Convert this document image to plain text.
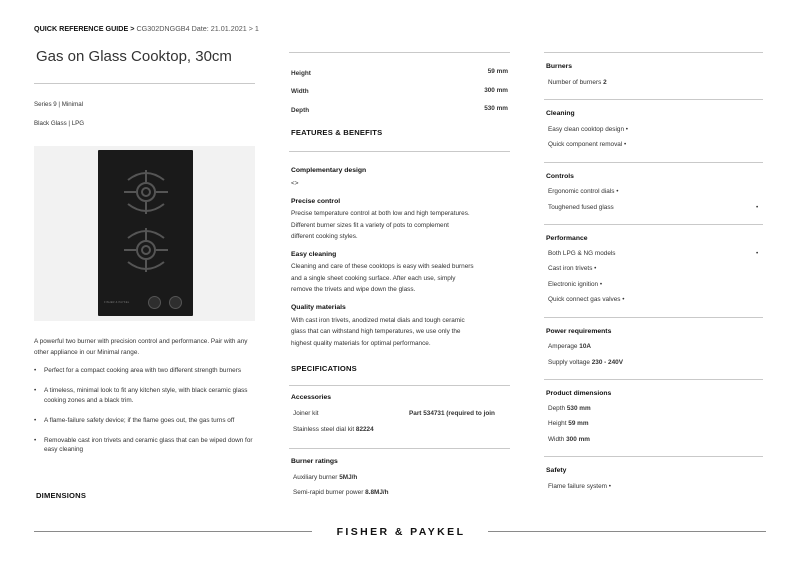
QUICK REFERENCE GUIDE > CG302DNGGB4 Date: 21.01.2021 > 1
Gas on Glass Cooktop, 30cm
Series 9 | Minimal
Black Glass | LPG
FISHER & PAYKEL
A powerful two burner with precision control and performance. Pair with any other appliance in our Minimal range.
• Perfect for a compact cooking area with two different strength burners
• A timeless, minimal look to fit any kitchen style, with black ceramic glass cooking zones and a black trim.
• A flame-failure safety device; if the flame goes out, the gas turns off
• Removable cast iron trivets and ceramic glass that can be wiped down for easy cleaning
DIMENSIONS
Height	59 mm
Width	300 mm
Depth	530 mm
FEATURES & BENEFITS
Complementary design
<>
Precise control
Precise temperature control at both low and high temperatures.
Different burner sizes fit a variety of pots to complement
different cooking styles.
Easy cleaning
Cleaning and care of these cooktops is easy with sealed burners
and a single sheet cooking surface. After each use, simply
remove the trivets and wipe down the glass.
Quality materials
With cast iron trivets, anodized metal dials and tough ceramic
glass that can withstand high temperatures, we use only the
highest quality materials for optimal performance.
SPECIFICATIONS
Accessories
Joiner kit	Part 534731 (required to join
Stainless steel dial kit 82224
Burner ratings
Auxiliary burner 5MJ/h
Semi-rapid burner power 8.8MJ/h
Burners
Number of burners 2
Cleaning
Easy clean cooktop design •
Quick component removal •
Controls
Ergonomic control dials •
Toughened fused glass	•
Performance
Both LPG & NG models	•
Cast iron trivets •
Electronic ignition •
Quick connect gas valves •
Power requirements
Amperage 10A
Supply voltage 230 - 240V
Product dimensions
Depth 530 mm
Height 59 mm
Width 300 mm
Safety
Flame failure system •
FISHER & PAYKEL
